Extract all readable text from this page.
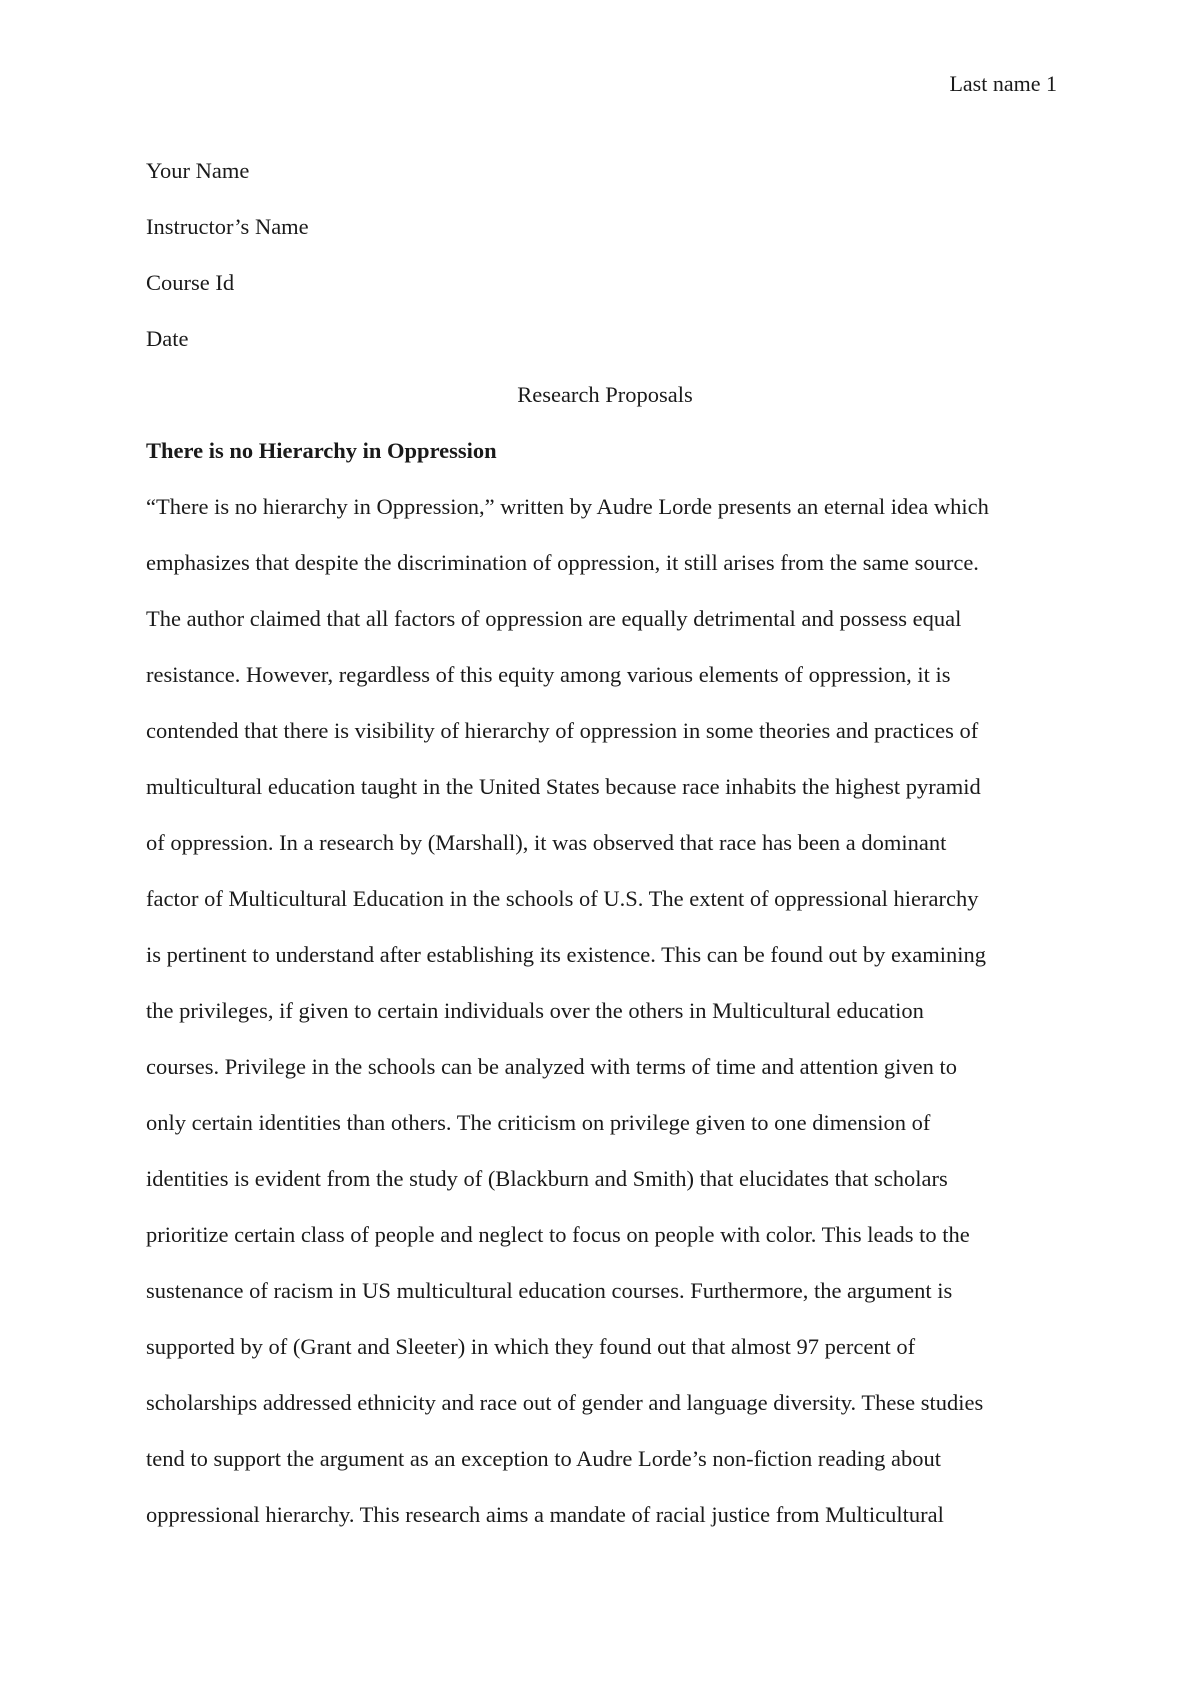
Last name 1
Your Name
Instructor’s Name
Course Id
Date
Research Proposals
There is no Hierarchy in Oppression
“There is no hierarchy in Oppression,” written by Audre Lorde presents an eternal idea which
emphasizes that despite the discrimination of oppression, it still arises from the same source.
The author claimed that all factors of oppression are equally detrimental and possess equal
resistance. However, regardless of this equity among various elements of oppression, it is
contended that there is visibility of hierarchy of oppression in some theories and practices of
multicultural education taught in the United States because race inhabits the highest pyramid
of oppression. In a research by (Marshall), it was observed that race has been a dominant
factor of Multicultural Education in the schools of U.S. The extent of oppressional hierarchy
is pertinent to understand after establishing its existence. This can be found out by examining
the privileges, if given to certain individuals over the others in Multicultural education
courses. Privilege in the schools can be analyzed with terms of time and attention given to
only certain identities than others. The criticism on privilege given to one dimension of
identities is evident from the study of (Blackburn and Smith) that elucidates that scholars
prioritize certain class of people and neglect to focus on people with color. This leads to the
sustenance of racism in US multicultural education courses. Furthermore, the argument is
supported by of (Grant and Sleeter) in which they found out that almost 97 percent of
scholarships addressed ethnicity and race out of gender and language diversity. These studies
tend to support the argument as an exception to Audre Lorde’s non-fiction reading about
oppressional hierarchy. This research aims a mandate of racial justice from Multicultural
